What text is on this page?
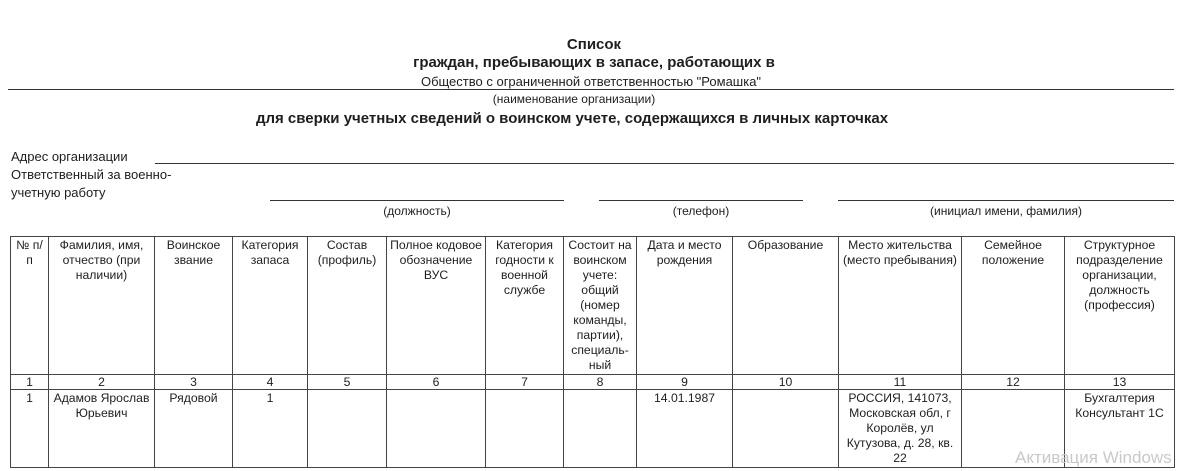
Список
граждан, пребывающих в запасе, работающих в
Общество с ограниченной ответственностью "Ромашка"
(наименование организации)
для сверки учетных сведений о воинском учете, содержащихся в личных карточках
Адрес организации
Ответственный за военно-
учетную работу
(должность)	(телефон)	(инициал имени, фамилия)
№ п/п	Фамилия, имя, отчество (при наличии)	Воинское звание	Категория запаса	Состав (профиль)	Полное кодовое обозначение ВУС	Категория годности к военной службе	Состоит на воинском учете: общий (номер команды, партии), специаль-ный	Дата и место рождения	Образование	Место жительства (место пребывания)	Семейное положение	Структурное подразделение организации, должность (профессия)
1	2	3	4	5	6	7	8	9	10	11	12	13
1	Адамов Ярослав Юрьевич	Рядовой	1					14.01.1987		РОССИЯ, 141073, Московская обл, г Королёв, ул Кутузова, д. 28, кв. 22		Бухгалтерия Консультант 1С
Активация Windows
